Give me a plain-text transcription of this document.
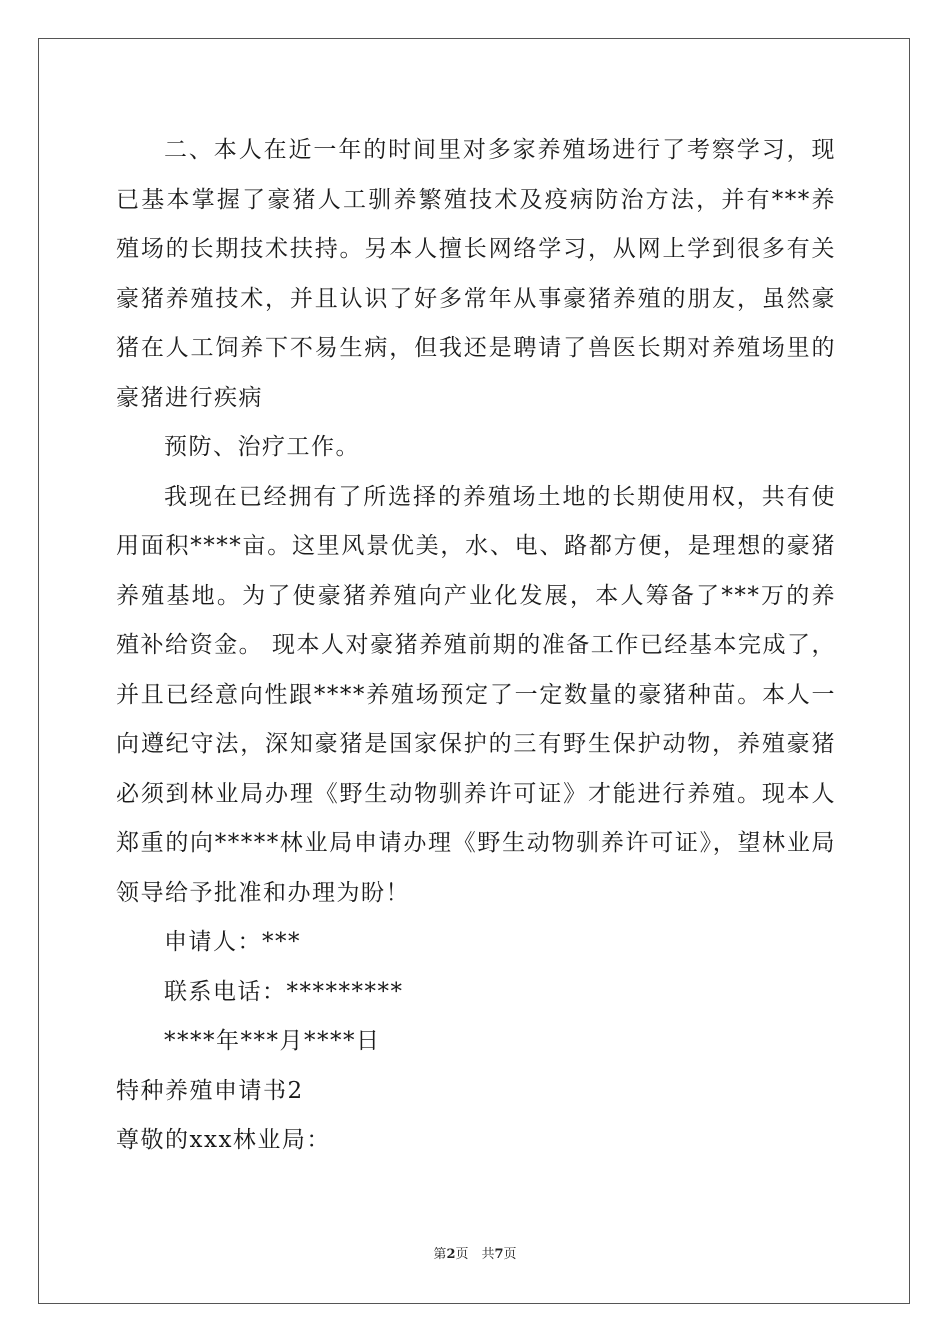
二、本人在近一年的时间里对多家养殖场进行了考察学习，现已基本掌握了豪猪人工驯养繁殖技术及疫病防治方法，并有***养殖场的长期技术扶持。另本人擅长网络学习，从网上学到很多有关 豪猪养殖技术，并且认识了好多常年从事豪猪养殖的朋友，虽然豪猪在人工饲养下不易生病，但我还是聘请了兽医长期对养殖场里的豪猪进行疾病

预防、治疗工作。

我现在已经拥有了所选择的养殖场土地的长期使用权，共有使用面积****亩。这里风景优美，水、电、路都方便，是理想的豪猪养殖基地。为了使豪猪养殖向产业化发展，本人筹备了***万的养殖补给资金。 现本人对豪猪养殖前期的准备工作已经基本完成了，并且已经意向性跟****养殖场预定了一定数量的豪猪种苗。本人一向遵纪守法，深知豪猪是国家保护的三有野生保护动物，养殖豪猪必须到林业局办理《野生动物驯养许可证》才能进行养殖。现本人郑重的向*****林业局申请办理《野生动物驯养许可证》，望林业局领导给予批准和办理为盼！

申请人：***

联系电话：*********

****年***月****日

特种养殖申请书2

尊敬的xxx林业局：

第2页　共7页
